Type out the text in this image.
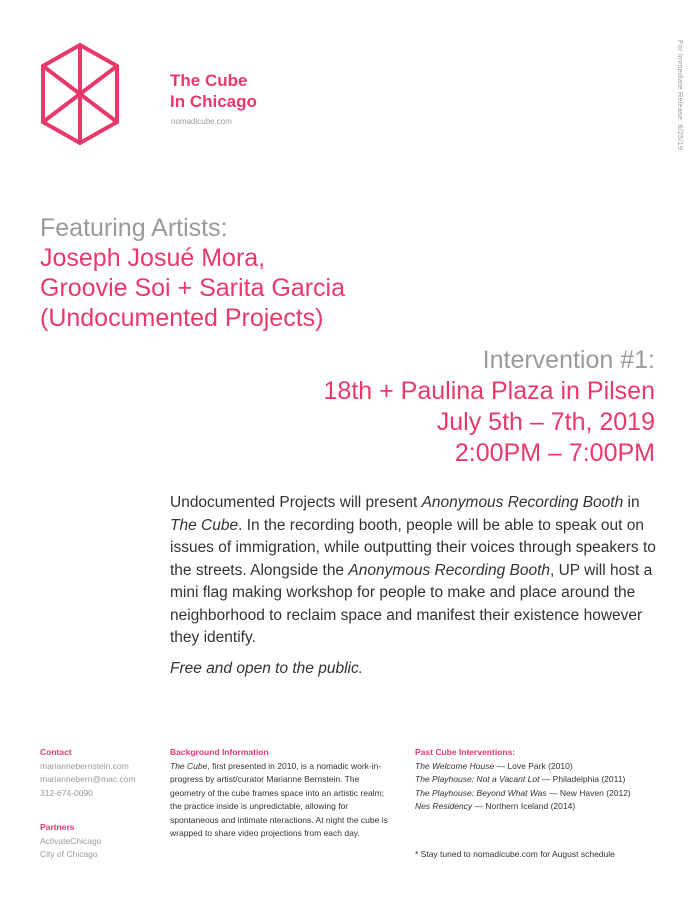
The Cube
In Chicago
nomadicube.com	For Immediate Release: 6/25/19
Featuring Artists:
Joseph Josué Mora,
Groovie Soi + Sarita Garcia
(Undocumented Projects)
Intervention #1:
18th + Paulina Plaza in Pilsen
July 5th – 7th, 2019
2:00PM – 7:00PM
Undocumented Projects will present Anonymous Recording Booth in The Cube. In the recording booth, people will be able to speak out on issues of immigration, while outputting their voices through speakers to the streets. Alongside the Anonymous Recording Booth, UP will host a mini flag making workshop for people to make and place around the neighborhood to reclaim space and manifest their existence however they identify.
Free and open to the public.
Contact
mariannebernstein.com
mariannebern@mac.com
312-674-0090
Partners
ActivateChicago
City of Chicago
Background Information
The Cube, first presented in 2010, is a nomadic work-in-progress by artist/curator Marianne Bernstein. The geometry of the cube frames space into an artistic realm; the practice inside is unpredictable, allowing for spontaneous and intimate nteractions. At night the cube is wrapped to share video projections from each day.
Past Cube Interventions:
The Welcome House — Love Park (2010)
The Playhouse: Not a Vacant Lot — Philadelphia (2011)
The Playhouse: Beyond What Was — New Haven (2012)
Nes Residency — Northern Iceland (2014)
* Stay tuned to nomadicube.com for August schedule
